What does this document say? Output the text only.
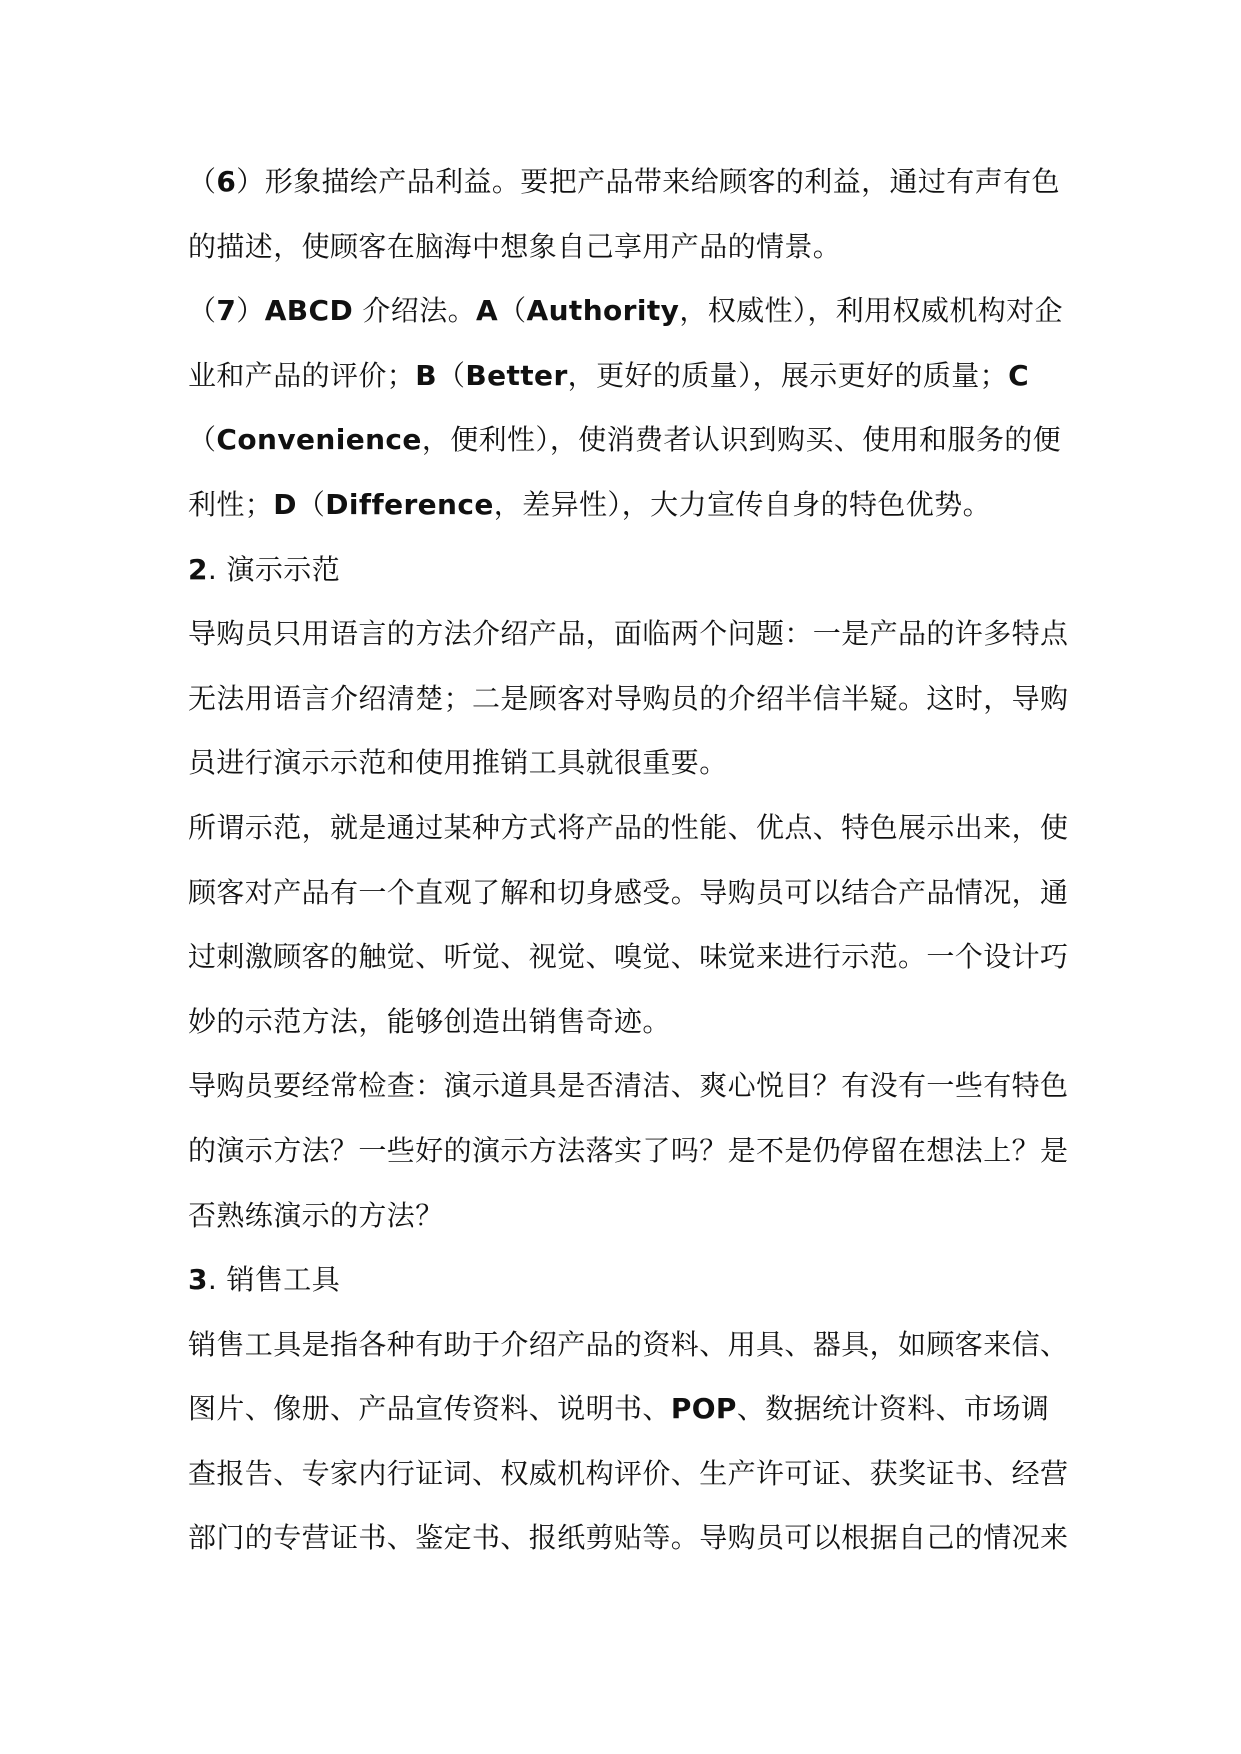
（6）形象描绘产品利益。要把产品带来给顾客的利益，通过有声有色
的描述，使顾客在脑海中想象自己享用产品的情景。
（7）ABCD 介绍法。A（Authority，权威性），利用权威机构对企
业和产品的评价；B（Better，更好的质量），展示更好的质量；C
（Convenience，便利性），使消费者认识到购买、使用和服务的便
利性；D（Difference，差异性），大力宣传自身的特色优势。
2. 演示示范
导购员只用语言的方法介绍产品，面临两个问题：一是产品的许多特点
无法用语言介绍清楚；二是顾客对导购员的介绍半信半疑。这时，导购
员进行演示示范和使用推销工具就很重要。
所谓示范，就是通过某种方式将产品的性能、优点、特色展示出来，使
顾客对产品有一个直观了解和切身感受。导购员可以结合产品情况，通
过刺激顾客的触觉、听觉、视觉、嗅觉、味觉来进行示范。一个设计巧
妙的示范方法，能够创造出销售奇迹。
导购员要经常检查：演示道具是否清洁、爽心悦目？有没有一些有特色
的演示方法？一些好的演示方法落实了吗？是不是仍停留在想法上？是
否熟练演示的方法？
3. 销售工具
销售工具是指各种有助于介绍产品的资料、用具、器具，如顾客来信、
图片、像册、产品宣传资料、说明书、POP、数据统计资料、市场调
查报告、专家内行证词、权威机构评价、生产许可证、获奖证书、经营
部门的专营证书、鉴定书、报纸剪贴等。导购员可以根据自己的情况来
